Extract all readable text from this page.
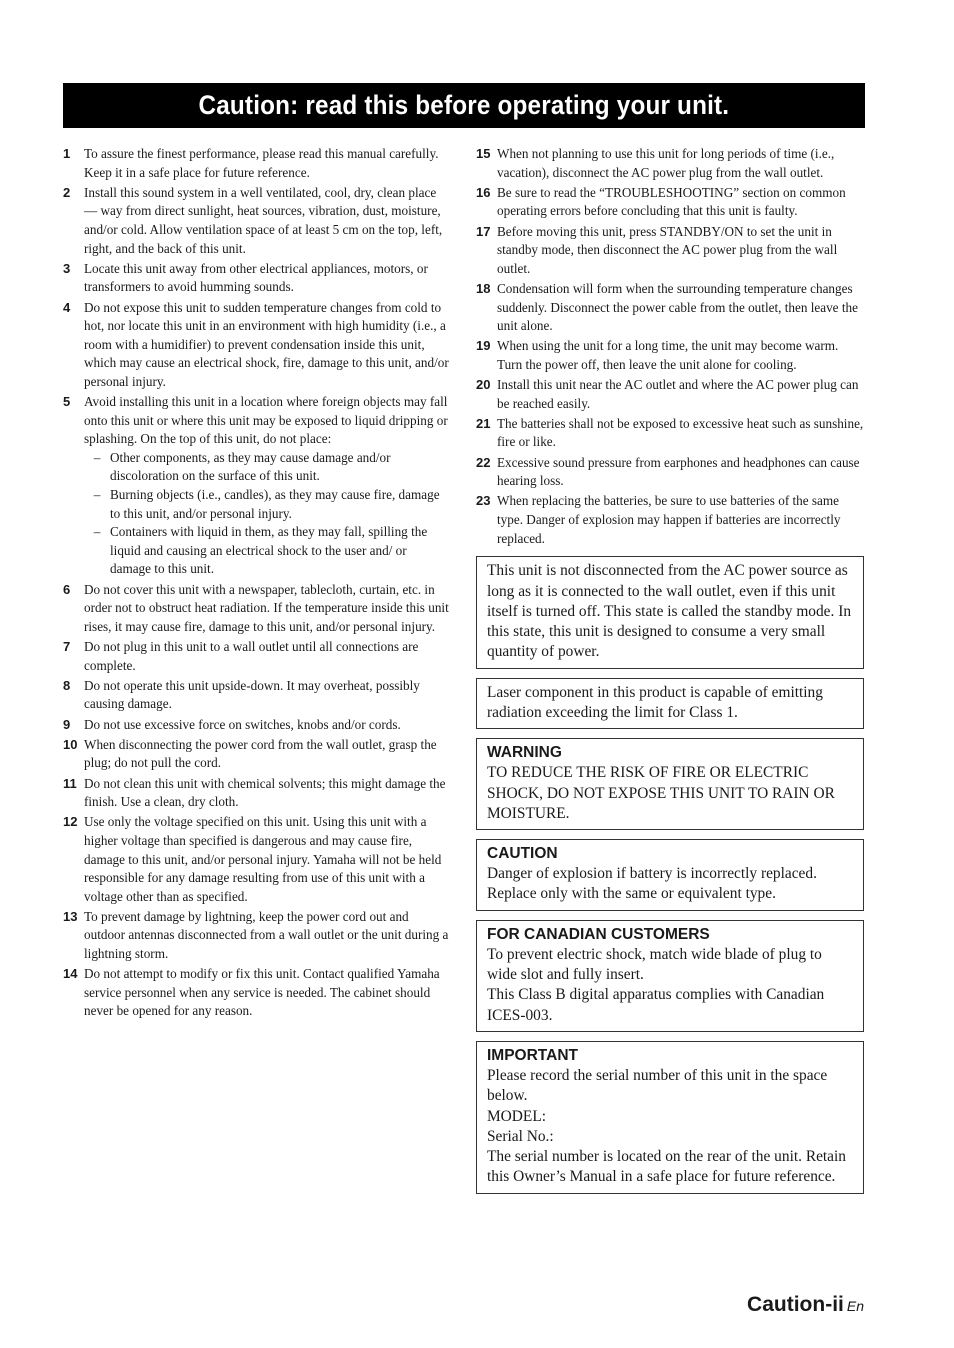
Caution: read this before operating your unit.
1	To assure the finest performance, please read this manual carefully. Keep it in a safe place for future reference.
2	Install this sound system in a well ventilated, cool, dry, clean place — way from direct sunlight, heat sources, vibration, dust, moisture, and/or cold. Allow ventilation space of at least 5 cm on the top, left, right, and the back of this unit.
3	Locate this unit away from other electrical appliances, motors, or transformers to avoid humming sounds.
4	Do not expose this unit to sudden temperature changes from cold to hot, nor locate this unit in an environment with high humidity (i.e., a room with a humidifier) to prevent condensation inside this unit, which may cause an electrical shock, fire, damage to this unit, and/or personal injury.
5	Avoid installing this unit in a location where foreign objects may fall onto this unit or where this unit may be exposed to liquid dripping or splashing. On the top of this unit, do not place:
– Other components, as they may cause damage and/or discoloration on the surface of this unit.
– Burning objects (i.e., candles), as they may cause fire, damage to this unit, and/or personal injury.
– Containers with liquid in them, as they may fall, spilling the liquid and causing an electrical shock to the user and/ or damage to this unit.
6	Do not cover this unit with a newspaper, tablecloth, curtain, etc. in order not to obstruct heat radiation. If the temperature inside this unit rises, it may cause fire, damage to this unit, and/or personal injury.
7	Do not plug in this unit to a wall outlet until all connections are complete.
8	Do not operate this unit upside-down. It may overheat, possibly causing damage.
9	Do not use excessive force on switches, knobs and/or cords.
10 When disconnecting the power cord from the wall outlet, grasp the plug; do not pull the cord.
11 Do not clean this unit with chemical solvents; this might damage the finish. Use a clean, dry cloth.
12 Use only the voltage specified on this unit. Using this unit with a higher voltage than specified is dangerous and may cause fire, damage to this unit, and/or personal injury. Yamaha will not be held responsible for any damage resulting from use of this unit with a voltage other than as specified.
13 To prevent damage by lightning, keep the power cord out and outdoor antennas disconnected from a wall outlet or the unit during a lightning storm.
14 Do not attempt to modify or fix this unit. Contact qualified Yamaha service personnel when any service is needed. The cabinet should never be opened for any reason.
15 When not planning to use this unit for long periods of time (i.e., vacation), disconnect the AC power plug from the wall outlet.
16 Be sure to read the “TROUBLESHOOTING” section on common operating errors before concluding that this unit is faulty.
17 Before moving this unit, press STANDBY/ON to set the unit in standby mode, then disconnect the AC power plug from the wall outlet.
18 Condensation will form when the surrounding temperature changes suddenly. Disconnect the power cable from the outlet, then leave the unit alone.
19 When using the unit for a long time, the unit may become warm. Turn the power off, then leave the unit alone for cooling.
20 Install this unit near the AC outlet and where the AC power plug can be reached easily.
21 The batteries shall not be exposed to excessive heat such as sunshine, fire or like.
22 Excessive sound pressure from earphones and headphones can cause hearing loss.
23 When replacing the batteries, be sure to use batteries of the same type. Danger of explosion may happen if batteries are incorrectly replaced.

This unit is not disconnected from the AC power source as long as it is connected to the wall outlet, even if this unit itself is turned off. This state is called the standby mode. In this state, this unit is designed to consume a very small quantity of power.

Laser component in this product is capable of emitting radiation exceeding the limit for Class 1.

WARNING

TO REDUCE THE RISK OF FIRE OR ELECTRIC SHOCK, DO NOT EXPOSE THIS UNIT TO RAIN OR MOISTURE.

CAUTION

Danger of explosion if battery is incorrectly replaced. Replace only with the same or equivalent type.

FOR CANADIAN CUSTOMERS

To prevent electric shock, match wide blade of plug to wide slot and fully insert.

This Class B digital apparatus complies with Canadian ICES-003.

IMPORTANT

Please record the serial number of this unit in the space below.

MODEL:

Serial No.:

The serial number is located on the rear of the unit. Retain this Owner’s Manual in a safe place for future reference.

Caution-ii En
